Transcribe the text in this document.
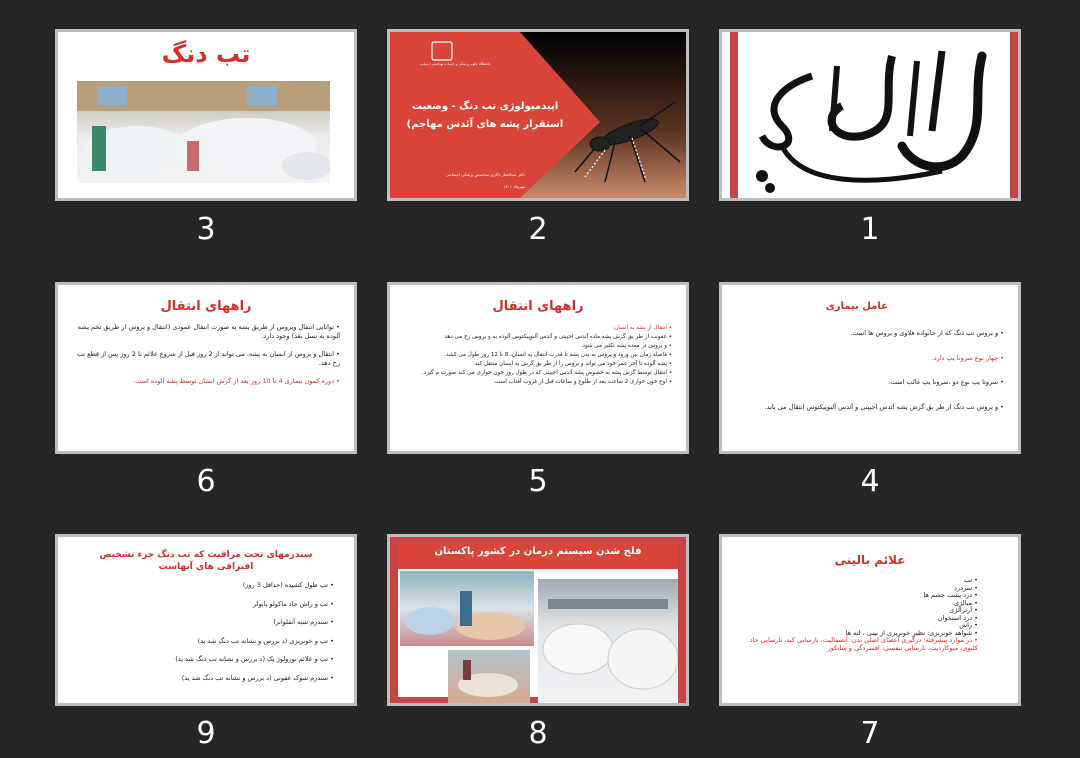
تب دنگ
3
دانشگاه علوم پزشکی و خدمات بهداشتی درمانی
اپیدمیولوژی تب دنگ - وضعیت استقرار پشه های آئدس مهاجم)
دکتر عبدالجبار ذاکری متخصص پزشکی اجتماعی
مهرماه ۱۴۰۱
2	1
راههای انتقال
• توانایی انتقال ویروس از طریق پشه به صورت انتقال عمودی (انتقال و یروس از طریق تخم پشه آلوده به نسل بعد) وجود دارد.
• انتقال و یروس از انسان به پشه، می تواند از 2 روز قبل از شروع علائم تا 2 روز پس از قطع تب رخ دهد.
• دوره کمون بیماری 4 تا 10 روز بعد از گزش انسان توسط پشه آلوده است.
6
راههای انتقال
• انتقال از پشه به انسان:
• عفونت از طر یق گزش پشه ماده آئدس اجیپتی و آئدس آلبوپیکتوس آلوده به و یروس رخ می دهد
• و یروس در معده پشه تکثیر می شود.
• فاصله زمان بین ورود و یروس به بدن پشه تا قدرت انتقال به انسان، 8 تا 12 روز طول می کشد.
• پشه آلوده تا آخر عمر خود می تواند و یروس را از طر یق گزش به انسان منتقل کند.
• انتقال توسط گزش پشه به خصوص پشه آئدس اجیپتی که در طول روز خون خواری می کند صورت م گیرد.
• اوج خون خواری 2 ساعت بعد از طلوع و ساعات قبل از غروب آفتاب است.
5
عامل بیماری
• و یروس تب دنگ که از خانواده فلاوی و یروس ها است.
• چهار نوع سروتا یپ دارد.
• سروتا یپ نوع دو ،سروتا یپ غالب است.
• و یروس تب دنگ از طر یق گزش پشه آئدس اجیپتی و آئدس آلبوپیکتوس انتقال می یابد.
4
سندرمهای تحت مراقبت که تب دنگ جزء تشخیص افتراقی های آنهاست
• تب طول کشیده (حداقل 3 روز)
• تب و راش حاد ماکولو پاپولر
• سندرم شبه آنفلوانزا
• تب و خونریزی (د بررس و نشانه تب دنگ شد ید)
• تب و علائم نورولوژ یک (د بررس و نشانه تب دنگ شد ید)
• سندرم شوک عفونی (د بررس و نشانه تب دنگ شد ید)
9
فلج شدن سیستم درمان در کشور پاکستان
8
علائم بالینی
• تب
• سردرد
• درد پشت چشم ها
• میالژی
• آرترالژی
• درد استخوان
• راش
• شواهد خونریزی: نظیر خونریزی از بینی ، لثه ها
• در موارد پیشرفته: درگیری اعضای اصلی بدن: آنسفالیت، نارسایی کبد، نارسایی حاد کلیوی، میوکاردیت، نارسایی تنفسی، افسردگی و سایکوز
7
